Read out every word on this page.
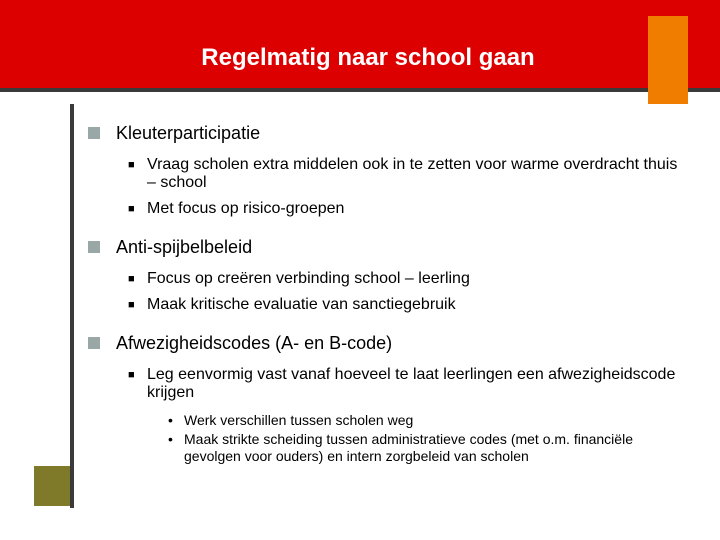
Regelmatig naar school gaan
Kleuterparticipatie
■ Vraag scholen extra middelen ook in te zetten voor warme overdracht thuis – school
■ Met focus op risico-groepen
Anti-spijbelbeleid
■ Focus op creëren verbinding school – leerling
■ Maak kritische evaluatie van sanctiegebruik
Afwezigheidscodes (A- en B-code)
■ Leg eenvormig vast vanaf hoeveel te laat leerlingen een afwezigheidscode krijgen
• Werk verschillen tussen scholen weg
• Maak strikte scheiding tussen administratieve codes (met o.m. financiële gevolgen voor ouders) en intern zorgbeleid van scholen
